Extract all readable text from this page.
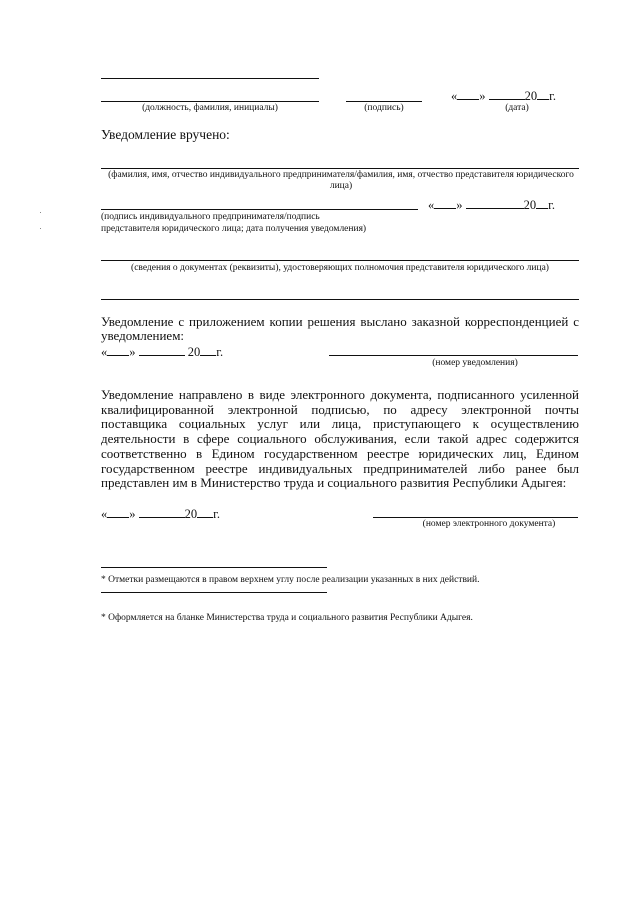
(должность, фамилия, инициалы)	(подпись)
« »	20 г.
(дата)
Уведомление вручено:
(фамилия, имя, отчество индивидуального предпринимателя/фамилия, имя, отчество представителя юридического лица)
« »	20 г.
(подпись индивидуального предпринимателя/подпись
представителя юридического лица; дата получения уведомления)
(сведения о документах (реквизиты), удостоверяющих полномочия представителя юридического лица)
Уведомление с приложением копии решения выслано заказной корреспонденцией с уведомлением:
« »	20 г.
(номер уведомления)
Уведомление направлено в виде электронного документа, подписанного усиленной квалифицированной электронной подписью, по адресу электронной почты поставщика социальных услуг или лица, приступающего к осуществлению деятельности в сфере социального обслуживания, если такой адрес содержится соответственно в Едином государственном реестре юридических лиц, Едином государственном реестре индивидуальных предпринимателей либо ранее был представлен им в Министерство труда и социального развития Республики Адыгея:
« »	20 г.
(номер электронного документа)
* Отметки размещаются в правом верхнем углу после реализации указанных в них действий.
* Оформляется на бланке Министерства труда и социального развития Республики Адыгея.
